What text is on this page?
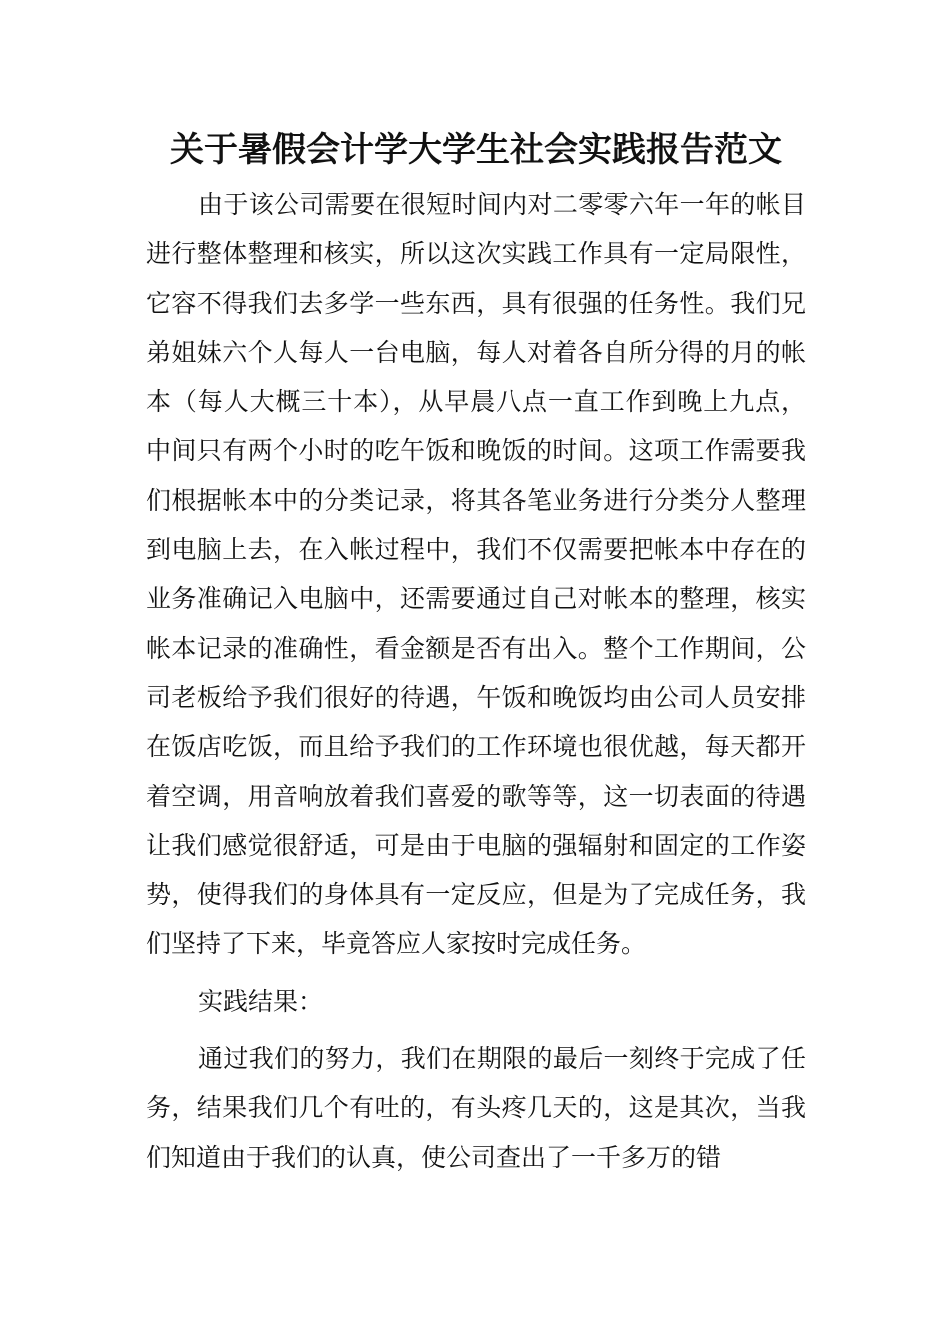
关于暑假会计学大学生社会实践报告范文

由于该公司需要在很短时间内对二零零六年一年的帐目进行整体整理和核实，所以这次实践工作具有一定局限性，它容不得我们去多学一些东西，具有很强的任务性。我们兄弟姐妹六个人每人一台电脑，每人对着各自所分得的月的帐本（每人大概三十本），从早晨八点一直工作到晚上九点，中间只有两个小时的吃午饭和晚饭的时间。这项工作需要我们根据帐本中的分类记录，将其各笔业务进行分类分人整理到电脑上去，在入帐过程中，我们不仅需要把帐本中存在的业务准确记入电脑中，还需要通过自己对帐本的整理，核实帐本记录的准确性，看金额是否有出入。整个工作期间，公司老板给予我们很好的待遇，午饭和晚饭均由公司人员安排在饭店吃饭，而且给予我们的工作环境也很优越，每天都开着空调，用音响放着我们喜爱的歌等等，这一切表面的待遇让我们感觉很舒适，可是由于电脑的强辐射和固定的工作姿势，使得我们的身体具有一定反应，但是为了完成任务，我们坚持了下来，毕竟答应人家按时完成任务。

实践结果：

通过我们的努力，我们在期限的最后一刻终于完成了任务，结果我们几个有吐的，有头疼几天的，这是其次，当我们知道由于我们的认真，使公司查出了一千多万的错
